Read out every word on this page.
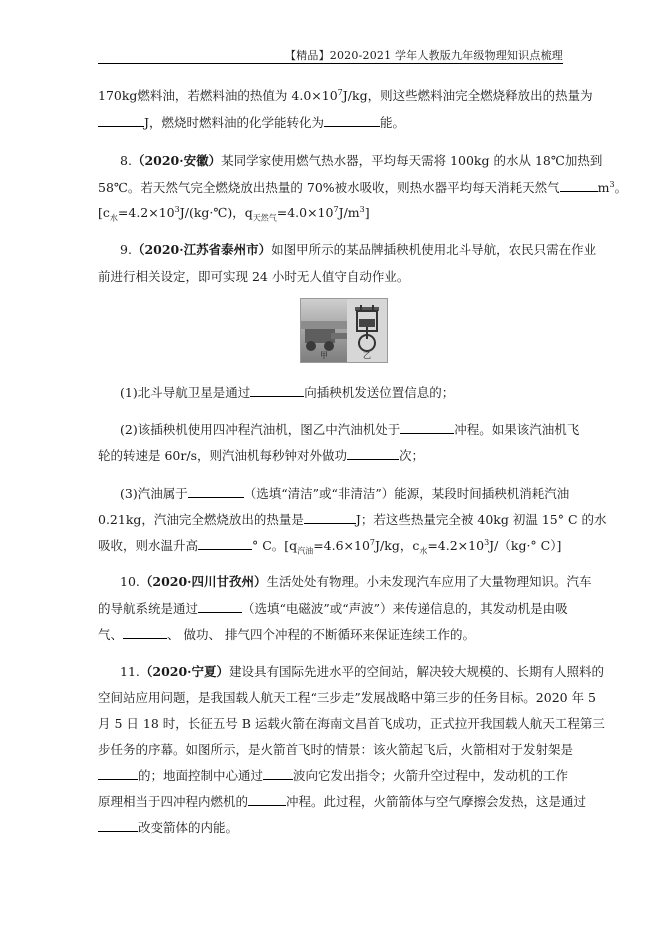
【精品】2020-2021 学年人教版九年级物理知识点梳理
170kg燃料油，若燃料油的热值为 $4.0\times 10^7J/kg$，则这些燃料油完全燃烧释放出的热量为
J，燃烧时燃料油的化学能转化为	能。
8.（2020·安徽）某同学家使用燃气热水器，平均每天需将 100kg 的水从 18℃加热到
58℃。若天然气完全燃烧放出热量的 70%被水吸收，则热水器平均每天消耗天然气	$m^3$。
[$c_水=4.2\times 10^3J/(kg\cdot℃)$，$q_{天然气}=4.0\times 10^7J/m^3$]
9.（2020·江苏省泰州市）如图甲所示的某品牌插秧机使用北斗导航，农民只需在作业
前进行相关设定，即可实现 24 小时无人值守自动作业。
甲	乙
(1)北斗导航卫星是通过	向插秧机发送位置信息的；
(2)该插秧机使用四冲程汽油机，图乙中汽油机处于	冲程。如果该汽油机飞
轮的转速是 60r/s，则汽油机每秒钟对外做功	次；
(3)汽油属于	（选填“清洁”或“非清洁”）能源，某段时间插秧机消耗汽油
0.21kg，汽油完全燃烧放出的热量是	J；若这些热量完全被 40kg 初温 15° C 的水
吸收，则水温升高	° C。[$q_{汽油}=4.6\times 10^7J/kg$，$c_水=4.2\times 10^3J/(kg\cdot^\circ$ C）]
10.（2020·四川甘孜州）生活处处有物理。小未发现汽车应用了大量物理知识。汽车
的导航系统是通过	（选填“电磁波”或“声波”）来传递信息的，其发动机是由吸
气、	、 做功、 排气四个冲程的不断循环来保证连续工作的。
11.（2020·宁夏）建设具有国际先进水平的空间站，解决较大规模的、长期有人照料的
空间站应用问题，是我国载人航天工程“三步走”发展战略中第三步的任务目标。2020 年 5
月 5 日 18 时，长征五号 B 运载火箭在海南文昌首飞成功，正式拉开我国载人航天工程第三
步任务的序幕。如图所示，是火箭首飞时的情景：该火箭起飞后，火箭相对于发射架是
的；地面控制中心通过 波向它发出指令；火箭升空过程中，发动机的工作
原理相当于四冲程内燃机的	冲程。此过程，火箭箭体与空气摩擦会发热，这是通过
改变箭体的内能。
